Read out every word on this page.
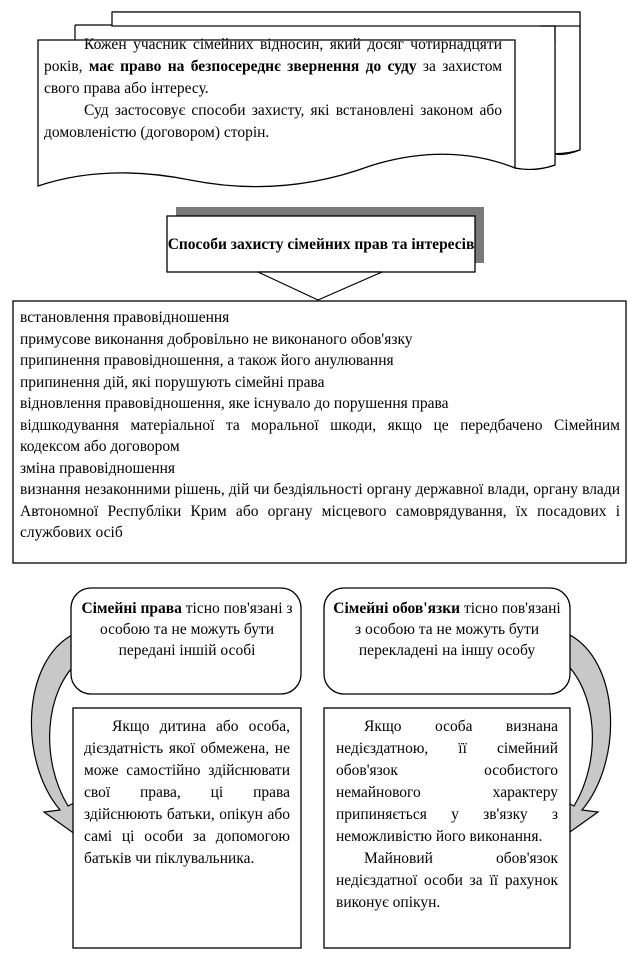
Кожен учасник сімейних відносин, який досяг чотирнадцяти років, має право на безпосереднє звернення до суду за захистом свого права або інтересу.

Суд застосовує способи захисту, які встановлені законом або домовленістю (договором) сторін.

Способи захисту сімейних прав та інтересів
встановлення правовідношення
примусове виконання добровільно не виконаного обов'язку
припинення правовідношення, а також його анулювання
припинення дій, які порушують сімейні права
відновлення правовідношення, яке існувало до порушення права
відшкодування матеріальної та моральної шкоди, якщо це передбачено Сімейним кодексом або договором
зміна правовідношення
визнання незаконними рішень, дій чи бездіяльності органу державної влади, органу влади Автономної Республіки Крим або органу місцевого самоврядування, їх посадових і службових осіб
Сімейні права тісно пов'язані з особою та не можуть бути передані іншій особі
Сімейні обов'язки тісно пов'язані з особою та не можуть бути перекладені на іншу особу

Якщо дитина або особа, дієздатність якої обмежена, не може самостійно здійснювати свої права, ці права здійснюють батьки, опікун або самі ці особи за допомогою батьків чи піклувальника.

Якщо особа визнана недієздатною, її сімейний обов'язок особистого немайнового характеру припиняється у зв'язку з неможливістю його виконання.

Майновий обов'язок недієздатної особи за її рахунок виконує опікун.
